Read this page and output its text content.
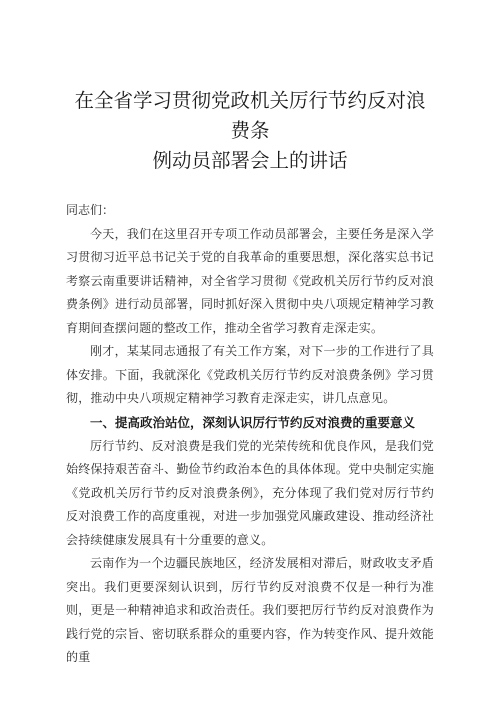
在全省学习贯彻党政机关厉行节约反对浪费条
例动员部署会上的讲话

同志们：

今天，我们在这里召开专项工作动员部署会，主要任务是深入学习贯彻习近平总书记关于党的自我革命的重要思想，深化落实总书记考察云南重要讲话精神，对全省学习贯彻《党政机关厉行节约反对浪费条例》进行动员部署，同时抓好深入贯彻中央八项规定精神学习教育期间查摆问题的整改工作，推动全省学习教育走深走实。

刚才，某某同志通报了有关工作方案，对下一步的工作进行了具体安排。下面，我就深化《党政机关厉行节约反对浪费条例》学习贯彻，推动中央八项规定精神学习教育走深走实，讲几点意见。

一、提高政治站位，深刻认识厉行节约反对浪费的重要意义

厉行节约、反对浪费是我们党的光荣传统和优良作风，是我们党始终保持艰苦奋斗、勤俭节约政治本色的具体体现。党中央制定实施《党政机关厉行节约反对浪费条例》，充分体现了我们党对厉行节约反对浪费工作的高度重视，对进一步加强党风廉政建设、推动经济社会持续健康发展具有十分重要的意义。

云南作为一个边疆民族地区，经济发展相对滞后，财政收支矛盾突出。我们更要深刻认识到，厉行节约反对浪费不仅是一种行为准则，更是一种精神追求和政治责任。我们要把厉行节约反对浪费作为践行党的宗旨、密切联系群众的重要内容，作为转变作风、提升效能的重
